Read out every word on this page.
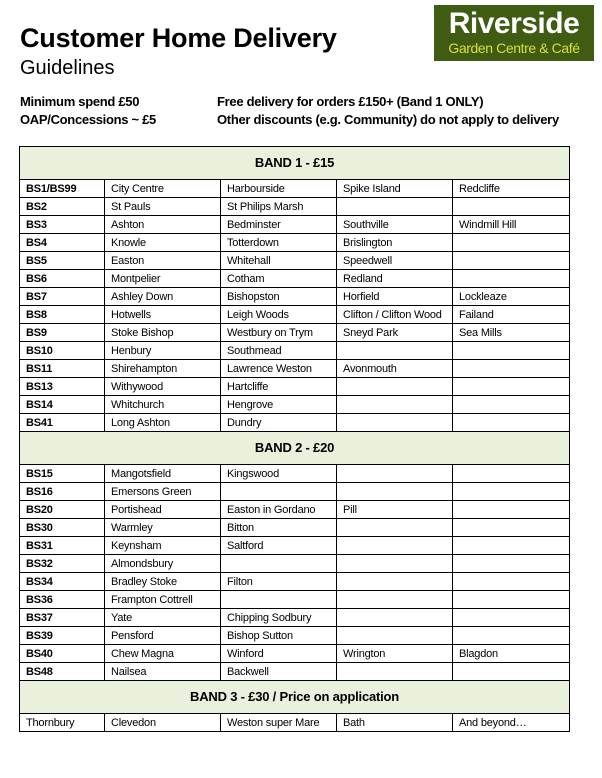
Customer Home Delivery
Guidelines
Riverside
Garden Centre & Café
Minimum spend £50
OAP/Concessions ~ £5
Free delivery for orders £150+ (Band 1 ONLY)
Other discounts (e.g. Community) do not apply to delivery
BAND 1 - £15				
BS1/BS99	City Centre	Harbourside	Spike Island	Redcliffe
BS2	St Pauls	St Philips Marsh		
BS3	Ashton	Bedminster	Southville	Windmill Hill
BS4	Knowle	Totterdown	Brislington	
BS5	Easton	Whitehall	Speedwell	
BS6	Montpelier	Cotham	Redland	
BS7	Ashley Down	Bishopston	Horfield	Lockleaze
BS8	Hotwells	Leigh Woods	Clifton / Clifton Wood	Failand
BS9	Stoke Bishop	Westbury on Trym	Sneyd Park	Sea Mills
BS10	Henbury	Southmead		
BS11	Shirehampton	Lawrence Weston	Avonmouth	
BS13	Withywood	Hartcliffe		
BS14	Whitchurch	Hengrove		
BS41	Long Ashton	Dundry		
BAND 2 - £20				
BS15	Mangotsfield	Kingswood		
BS16	Emersons Green			
BS20	Portishead	Easton in Gordano	Pill	
BS30	Warmley	Bitton		
BS31	Keynsham	Saltford		
BS32	Almondsbury			
BS34	Bradley Stoke	Filton		
BS36	Frampton Cottrell			
BS37	Yate	Chipping Sodbury		
BS39	Pensford	Bishop Sutton		
BS40	Chew Magna	Winford	Wrington	Blagdon
BS48	Nailsea	Backwell		
BAND 3 - £30 / Price on application				
Thornbury	Clevedon	Weston super Mare	Bath	And beyond…
